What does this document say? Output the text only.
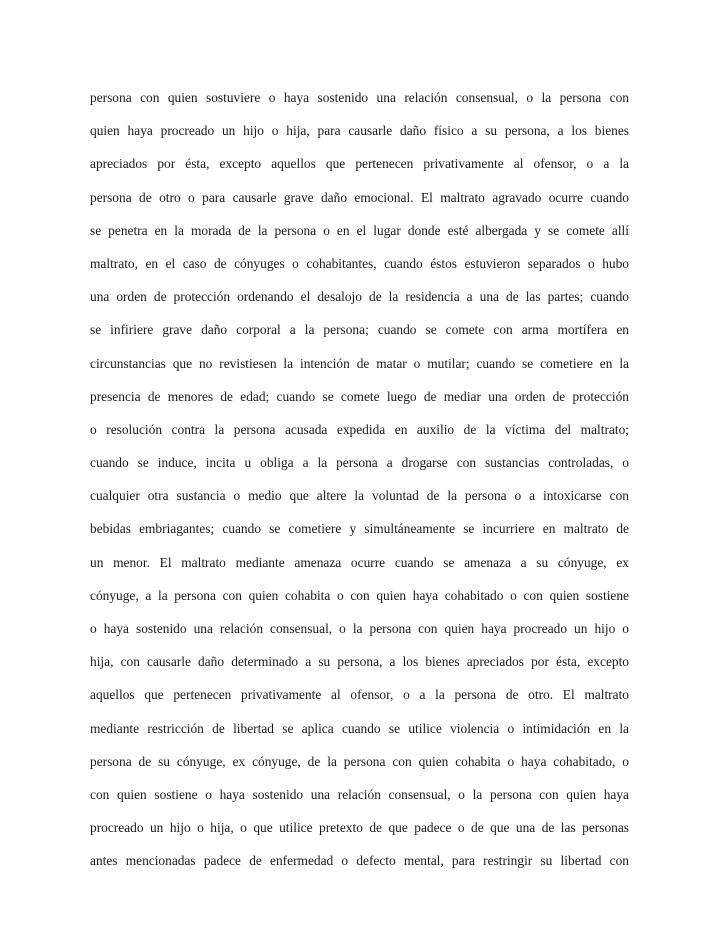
persona con quien sostuviere o haya sostenido una relación consensual, o la persona con
quien haya procreado un hijo o hija, para causarle daño físico a su persona, a los bienes
apreciados por ésta, excepto aquellos que pertenecen privativamente al ofensor, o a la
persona de otro o para causarle grave daño emocional. El maltrato agravado ocurre cuando
se penetra en la morada de la persona o en el lugar donde esté albergada y se comete allí
maltrato, en el caso de cónyuges o cohabitantes, cuando éstos estuvieron separados o hubo
una orden de protección ordenando el desalojo de la residencia a una de las partes; cuando
se infiriere grave daño corporal a la persona; cuando se comete con arma mortífera en
circunstancias que no revistiesen la intención de matar o mutilar; cuando se cometiere en la
presencia de menores de edad; cuando se comete luego de mediar una orden de protección
o resolución contra la persona acusada expedida en auxilio de la víctima del maltrato;
cuando se induce, incita u obliga a la persona a drogarse con sustancias controladas, o
cualquier otra sustancia o medio que altere la voluntad de la persona o a intoxicarse con
bebidas embriagantes; cuando se cometiere y simultáneamente se incurriere en maltrato de
un menor. El maltrato mediante amenaza ocurre cuando se amenaza a su cónyuge, ex
cónyuge, a la persona con quien cohabita o con quien haya cohabitado o con quien sostiene
o haya sostenido una relación consensual, o la persona con quien haya procreado un hijo o
hija, con causarle daño determinado a su persona, a los bienes apreciados por ésta, excepto
aquellos que pertenecen privativamente al ofensor, o a la persona de otro. El maltrato
mediante restricción de libertad se aplica cuando se utilice violencia o intimidación en la
persona de su cónyuge, ex cónyuge, de la persona con quien cohabita o haya cohabitado, o
con quien sostiene o haya sostenido una relación consensual, o la persona con quien haya
procreado un hijo o hija, o que utilice pretexto de que padece o de que una de las personas
antes mencionadas padece de enfermedad o defecto mental, para restringir su libertad con
